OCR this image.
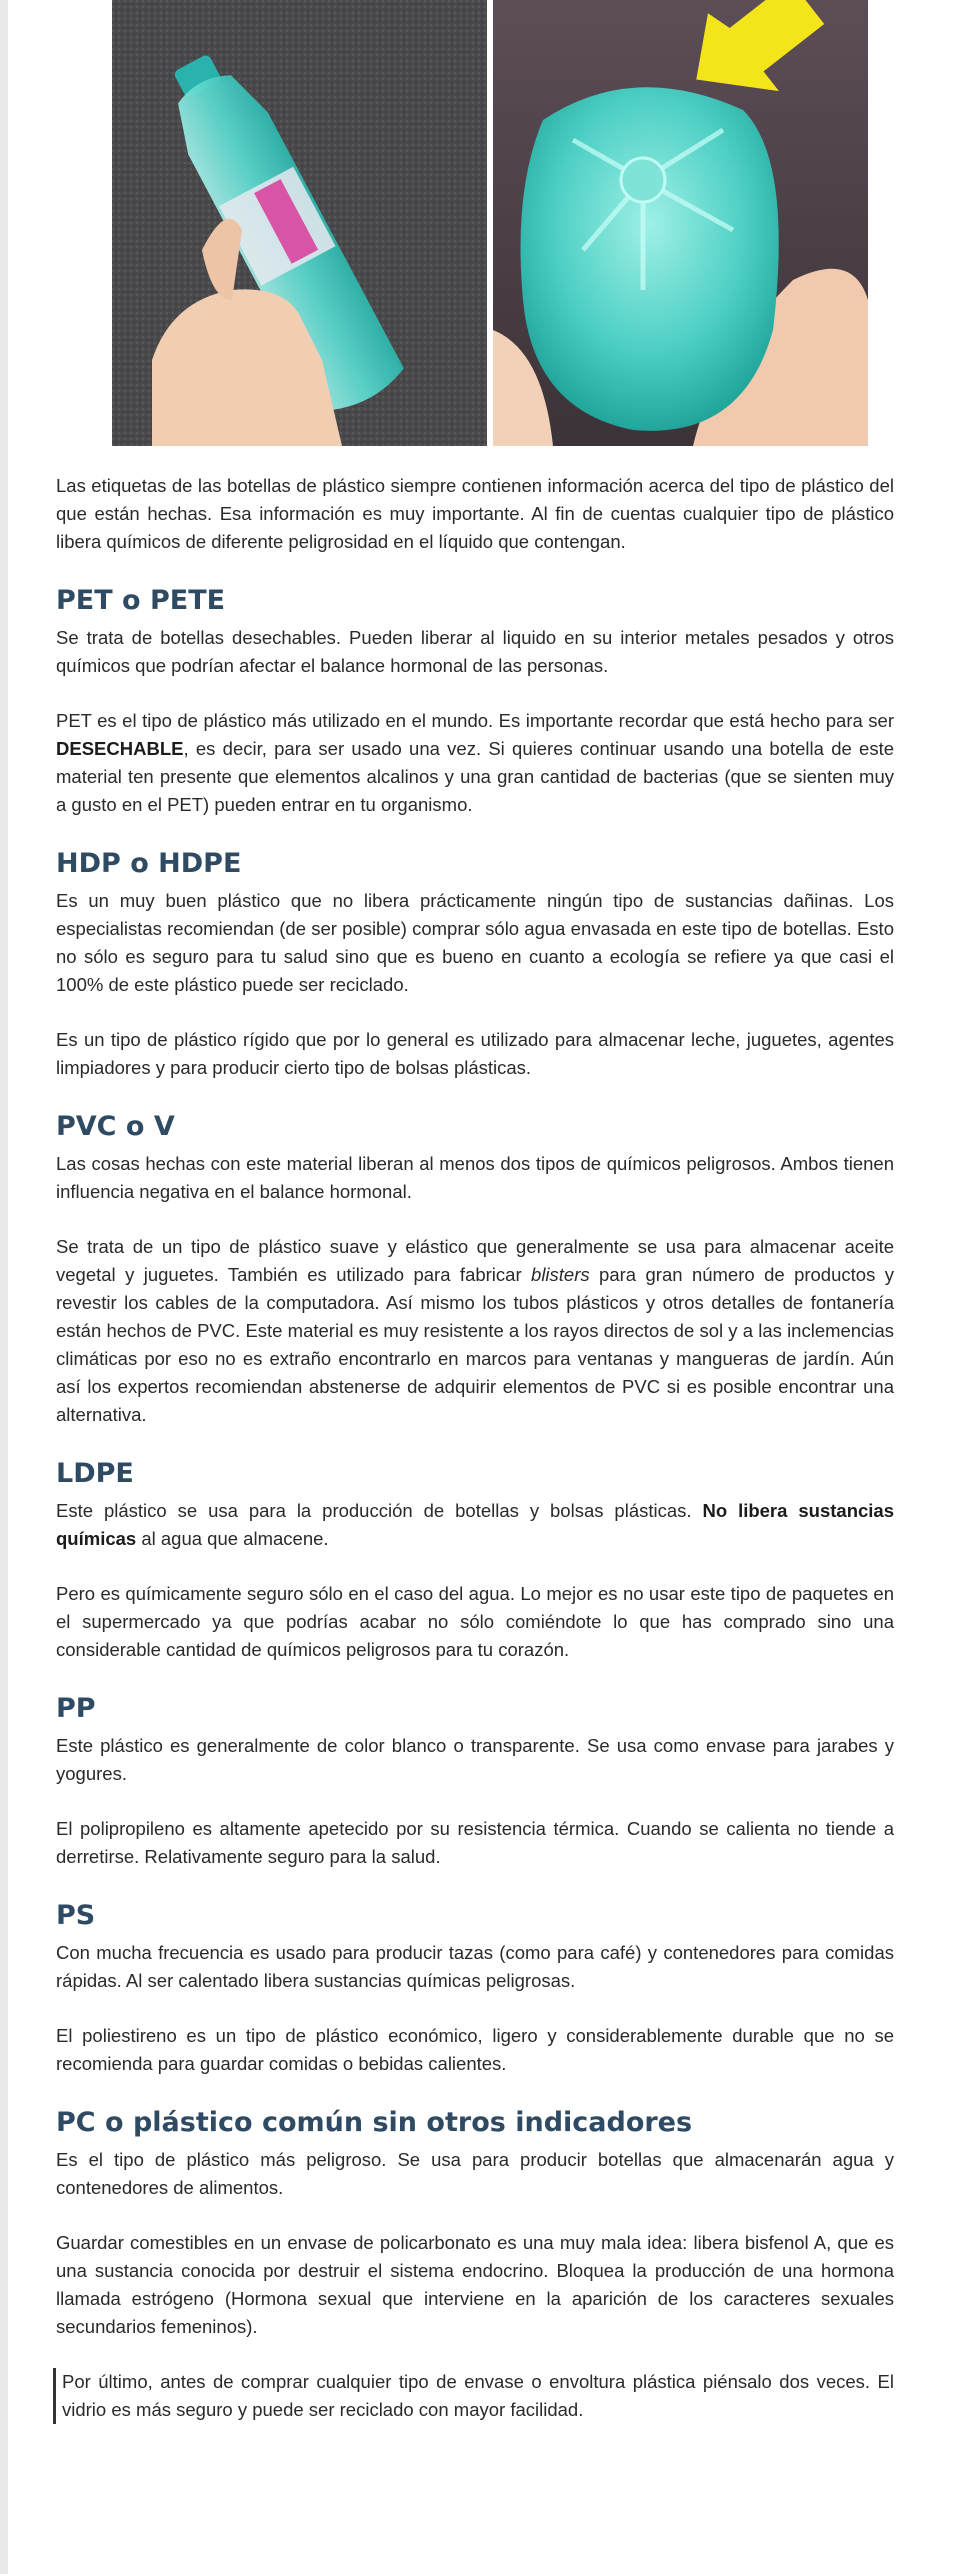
Las etiquetas de las botellas de plástico siempre contienen información acerca del tipo de plástico del que están hechas. Esa información es muy importante. Al fin de cuentas cualquier tipo de plástico libera químicos de diferente peligrosidad en el líquido que contengan.

PET o PETE

Se trata de botellas desechables. Pueden liberar al liquido en su interior metales pesados y otros químicos que podrían afectar el balance hormonal de las personas.

PET es el tipo de plástico más utilizado en el mundo. Es importante recordar que está hecho para ser DESECHABLE, es decir, para ser usado una vez. Si quieres continuar usando una botella de este material ten presente que elementos alcalinos y una gran cantidad de bacterias (que se sienten muy a gusto en el PET) pueden entrar en tu organismo.

HDP o HDPE

Es un muy buen plástico que no libera prácticamente ningún tipo de sustancias dañinas. Los especialistas recomiendan (de ser posible) comprar sólo agua envasada en este tipo de botellas. Esto no sólo es seguro para tu salud sino que es bueno en cuanto a ecología se refiere ya que casi el 100% de este plástico puede ser reciclado.

Es un tipo de plástico rígido que por lo general es utilizado para almacenar leche, juguetes, agentes limpiadores y para producir cierto tipo de bolsas plásticas.

PVC o V

Las cosas hechas con este material liberan al menos dos tipos de químicos peligrosos. Ambos tienen influencia negativa en el balance hormonal.

Se trata de un tipo de plástico suave y elástico que generalmente se usa para almacenar aceite vegetal y juguetes. También es utilizado para fabricar blisters para gran número de productos y revestir los cables de la computadora. Así mismo los tubos plásticos y otros detalles de fontanería están hechos de PVC. Este material es muy resistente a los rayos directos de sol y a las inclemencias climáticas por eso no es extraño encontrarlo en marcos para ventanas y mangueras de jardín. Aún así los expertos recomiendan abstenerse de adquirir elementos de PVC si es posible encontrar una alternativa.

LDPE

Este plástico se usa para la producción de botellas y bolsas plásticas. No libera sustancias químicas al agua que almacene.

Pero es químicamente seguro sólo en el caso del agua. Lo mejor es no usar este tipo de paquetes en el supermercado ya que podrías acabar no sólo comiéndote lo que has comprado sino una considerable cantidad de químicos peligrosos para tu corazón.

PP

Este plástico es generalmente de color blanco o transparente. Se usa como envase para jarabes y yogures.

El polipropileno es altamente apetecido por su resistencia térmica. Cuando se calienta no tiende a derretirse. Relativamente seguro para la salud.

PS

Con mucha frecuencia es usado para producir tazas (como para café) y contenedores para comidas rápidas. Al ser calentado libera sustancias químicas peligrosas.

El poliestireno es un tipo de plástico económico, ligero y considerablemente durable que no se recomienda para guardar comidas o bebidas calientes.

PC o plástico común sin otros indicadores

Es el tipo de plástico más peligroso. Se usa para producir botellas que almacenarán agua y contenedores de alimentos.

Guardar comestibles en un envase de policarbonato es una muy mala idea: libera bisfenol A, que es una sustancia conocida por destruir el sistema endocrino. Bloquea la producción de una hormona llamada estrógeno (Hormona sexual que interviene en la aparición de los caracteres sexuales secundarios femeninos).

Por último, antes de comprar cualquier tipo de envase o envoltura plástica piénsalo dos veces. El vidrio es más seguro y puede ser reciclado con mayor facilidad.
